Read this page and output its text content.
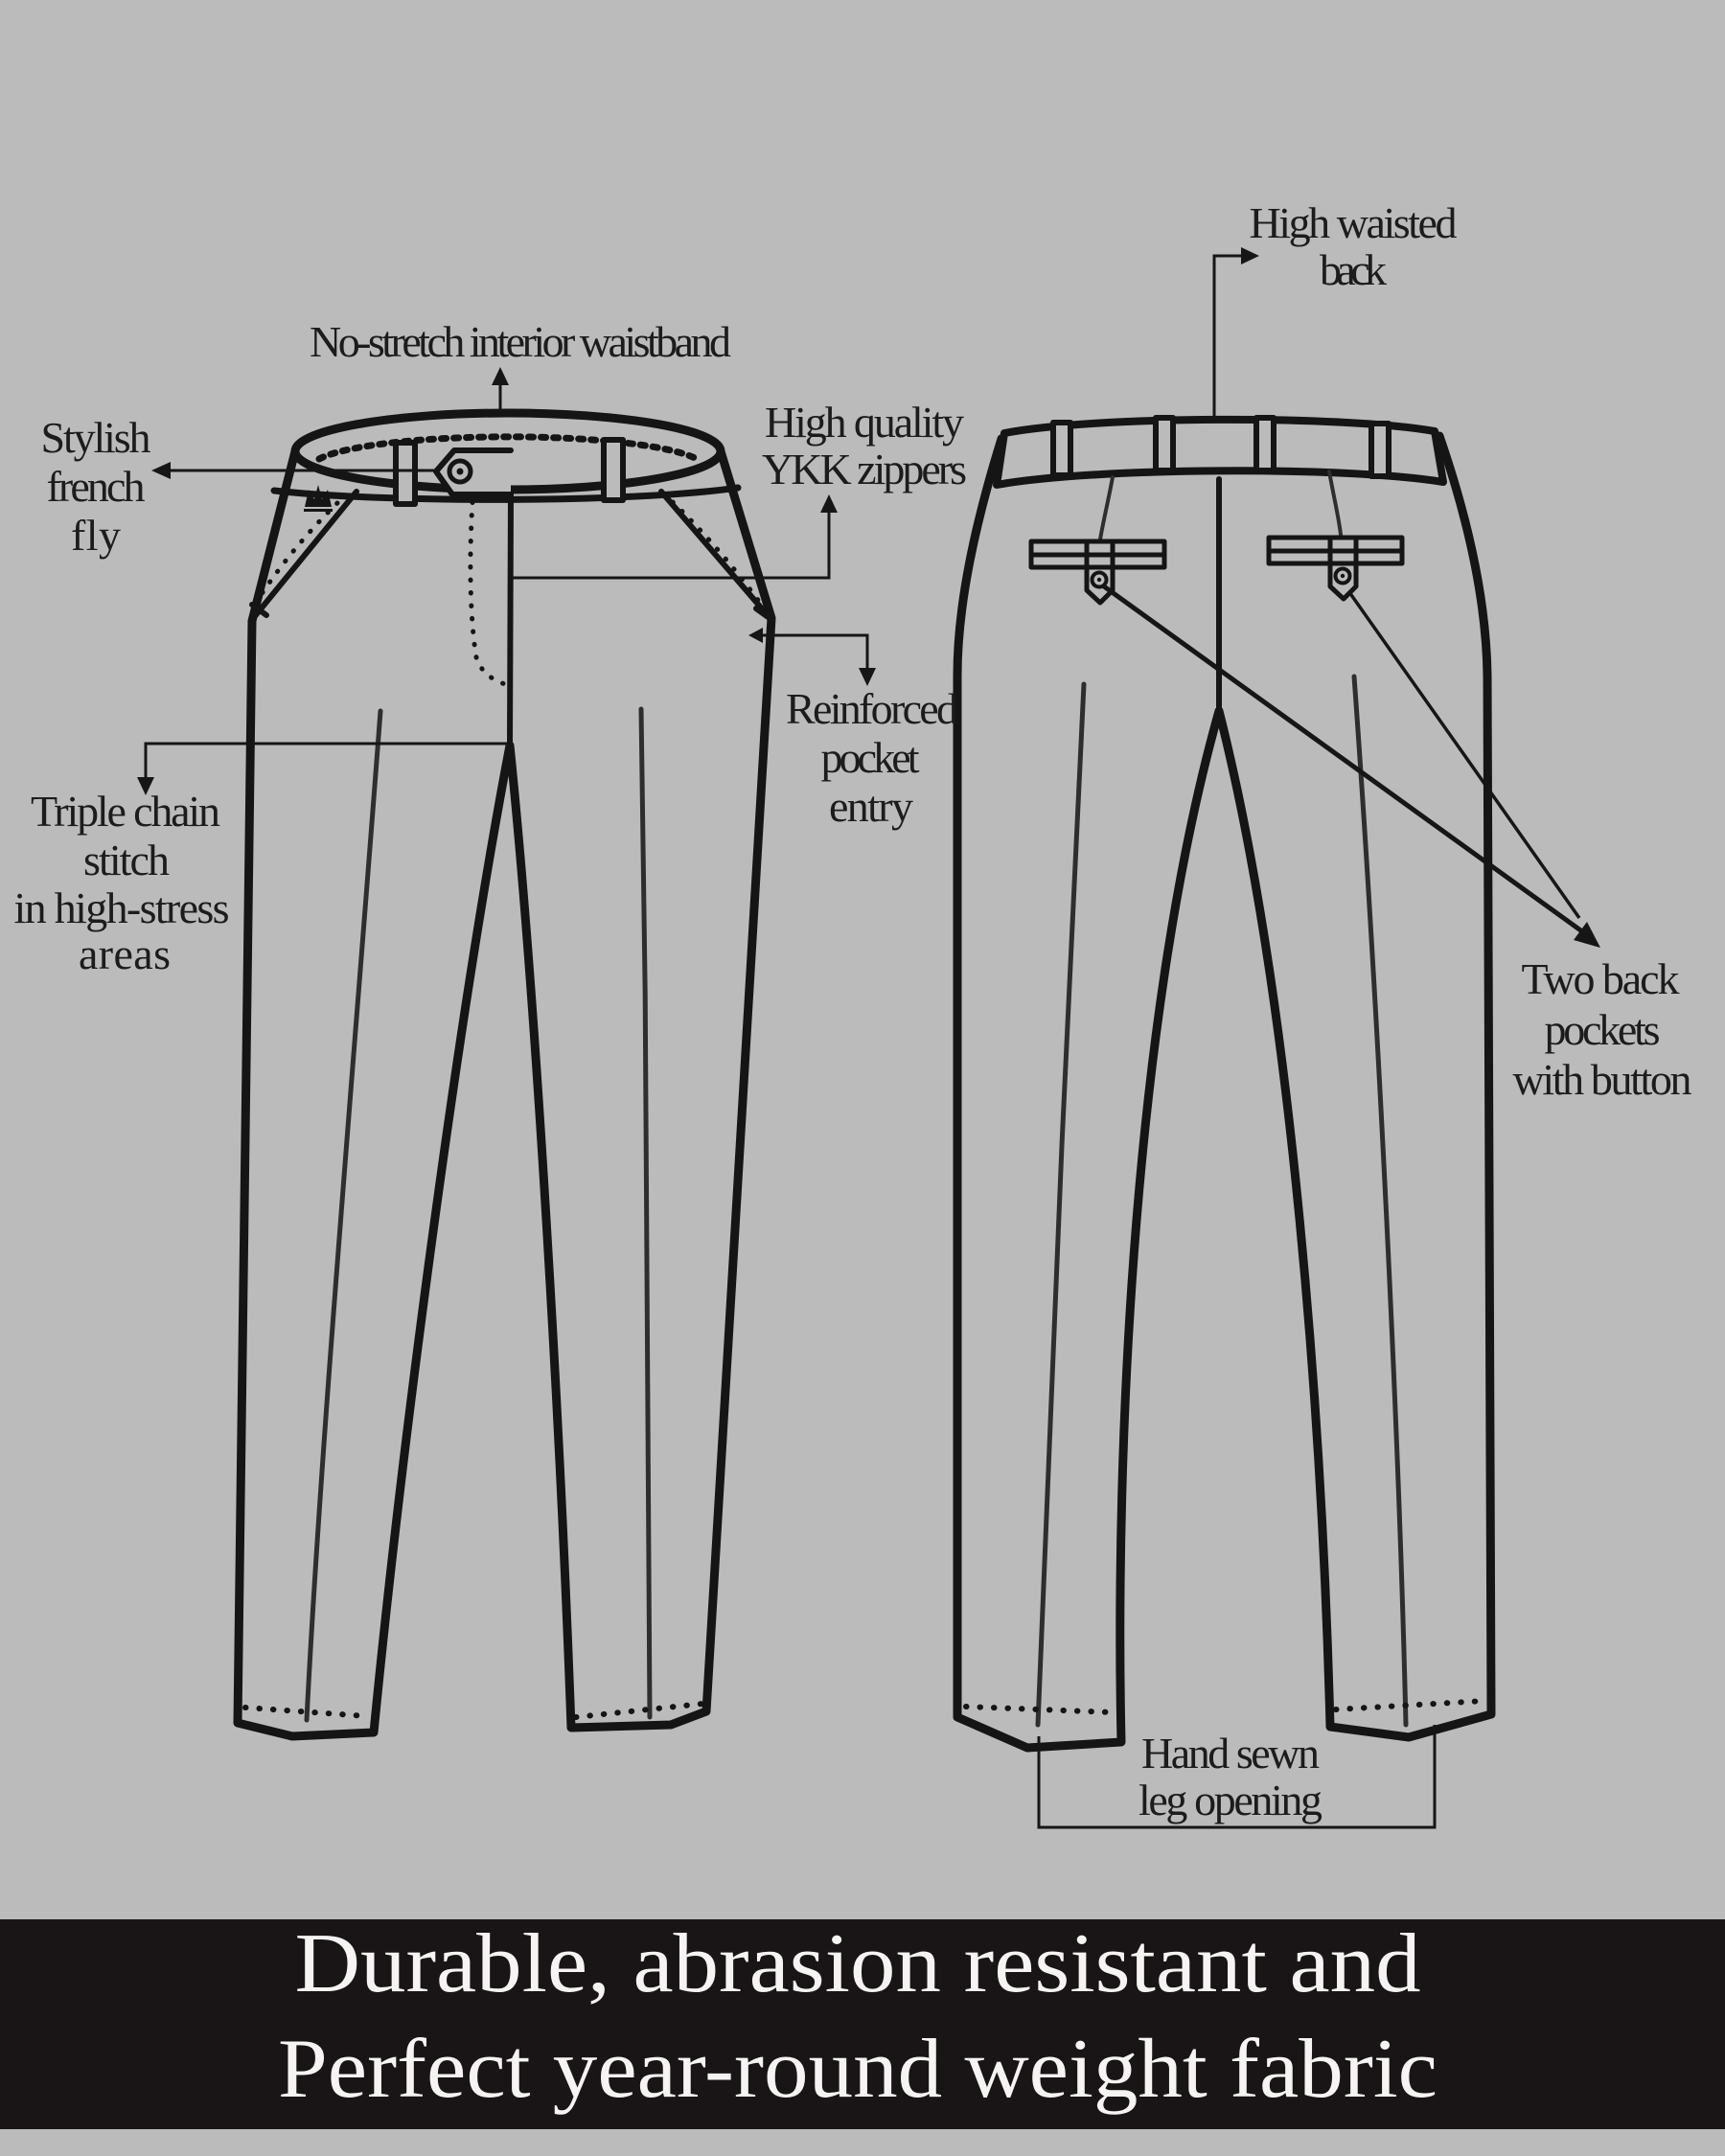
No-stretch interior waistband
Stylish
french
fly
High quality
YKK zippers
Reinforced
pocket
entry
Triple chain
stitch
in high-stress
areas
High waisted
back
Two back
pockets
with button
Hand sewn
leg opening
Durable, abrasion resistant and
Perfect year-round weight fabric
